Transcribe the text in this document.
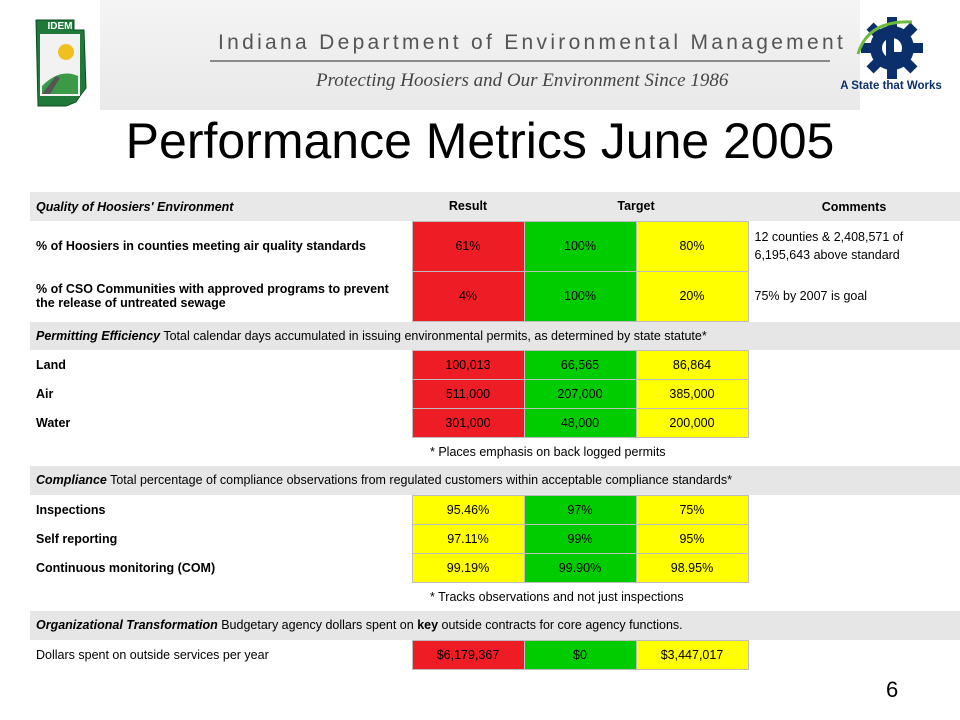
IDEM
Indiana Department of Environmental Management
Protecting Hoosiers and Our Environment Since 1986	A State that Works
Performance Metrics June 2005
Quality of Hoosiers' Environment	Result	Target		Comments
% of Hoosiers in counties meeting air quality standards	61%	100%	80%	12 counties & 2,408,571 of 6,195,643 above standard
% of CSO Communities with approved programs to prevent the release of untreated sewage	4%	100%	20%	75% by 2007 is goal
Permitting Efficiency Total calendar days accumulated in issuing environmental permits, as determined by state statute*				
Land	100,013	66,565	86,864	
Air	511,000	207,000	385,000	
Water	301,000	48,000	200,000	
	* Places emphasis on back logged permits			
Compliance Total percentage of compliance observations from regulated customers within acceptable compliance standards*				
Inspections	95.46%	97%	75%	
Self reporting	97.11%	99%	95%	
Continuous monitoring (COM)	99.19%	99.90%	98.95%	
	* Tracks observations and not just inspections			
Organizational Transformation Budgetary agency dollars spent on key outside contracts for core agency functions.				
Dollars spent on outside services per year	$6,179,367	$0	$3,447,017	
6
